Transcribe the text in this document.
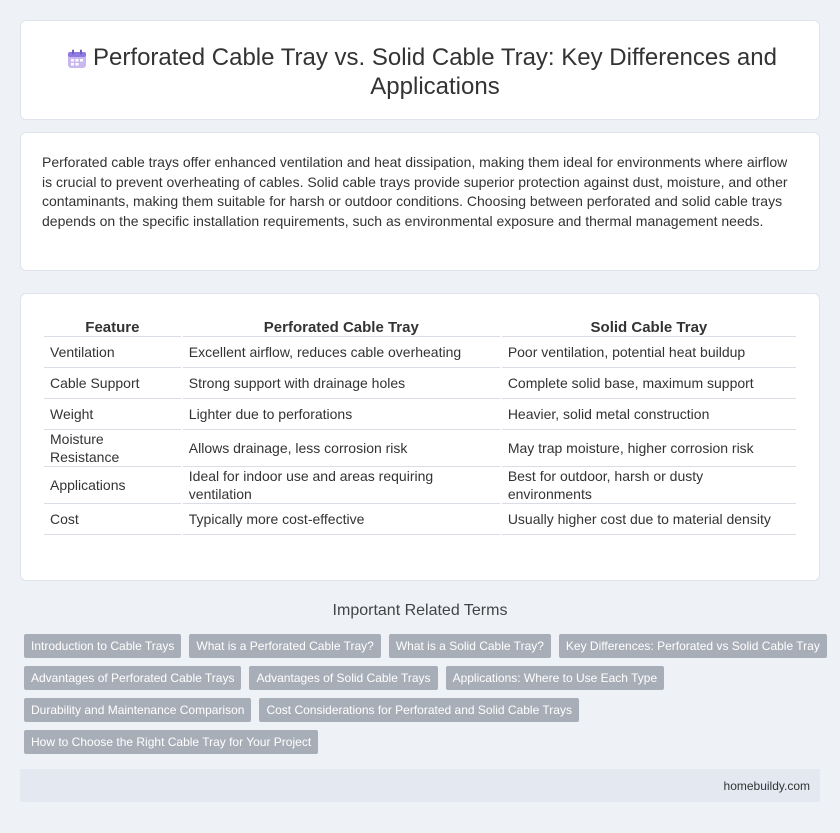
Perforated Cable Tray vs. Solid Cable Tray: Key Differences and Applications

Perforated cable trays offer enhanced ventilation and heat dissipation, making them ideal for environments where airflow is crucial to prevent overheating of cables. Solid cable trays provide superior protection against dust, moisture, and other contaminants, making them suitable for harsh or outdoor conditions. Choosing between perforated and solid cable trays depends on the specific installation requirements, such as environmental exposure and thermal management needs.

Feature	Perforated Cable Tray	Solid Cable Tray
Ventilation	Excellent airflow, reduces cable overheating	Poor ventilation, potential heat buildup
Cable Support	Strong support with drainage holes	Complete solid base, maximum support
Weight	Lighter due to perforations	Heavier, solid metal construction
Moisture Resistance	Allows drainage, less corrosion risk	May trap moisture, higher corrosion risk
Applications	Ideal for indoor use and areas requiring ventilation	Best for outdoor, harsh or dusty environments
Cost	Typically more cost-effective	Usually higher cost due to material density
Important Related Terms
Introduction to Cable Trays	What is a Perforated Cable Tray?	What is a Solid Cable Tray?	Key Differences: Perforated vs Solid Cable Tray
Advantages of Perforated Cable Trays	Advantages of Solid Cable Trays	Applications: Where to Use Each Type
Durability and Maintenance Comparison	Cost Considerations for Perforated and Solid Cable Trays
How to Choose the Right Cable Tray for Your Project
homebuildy.com
